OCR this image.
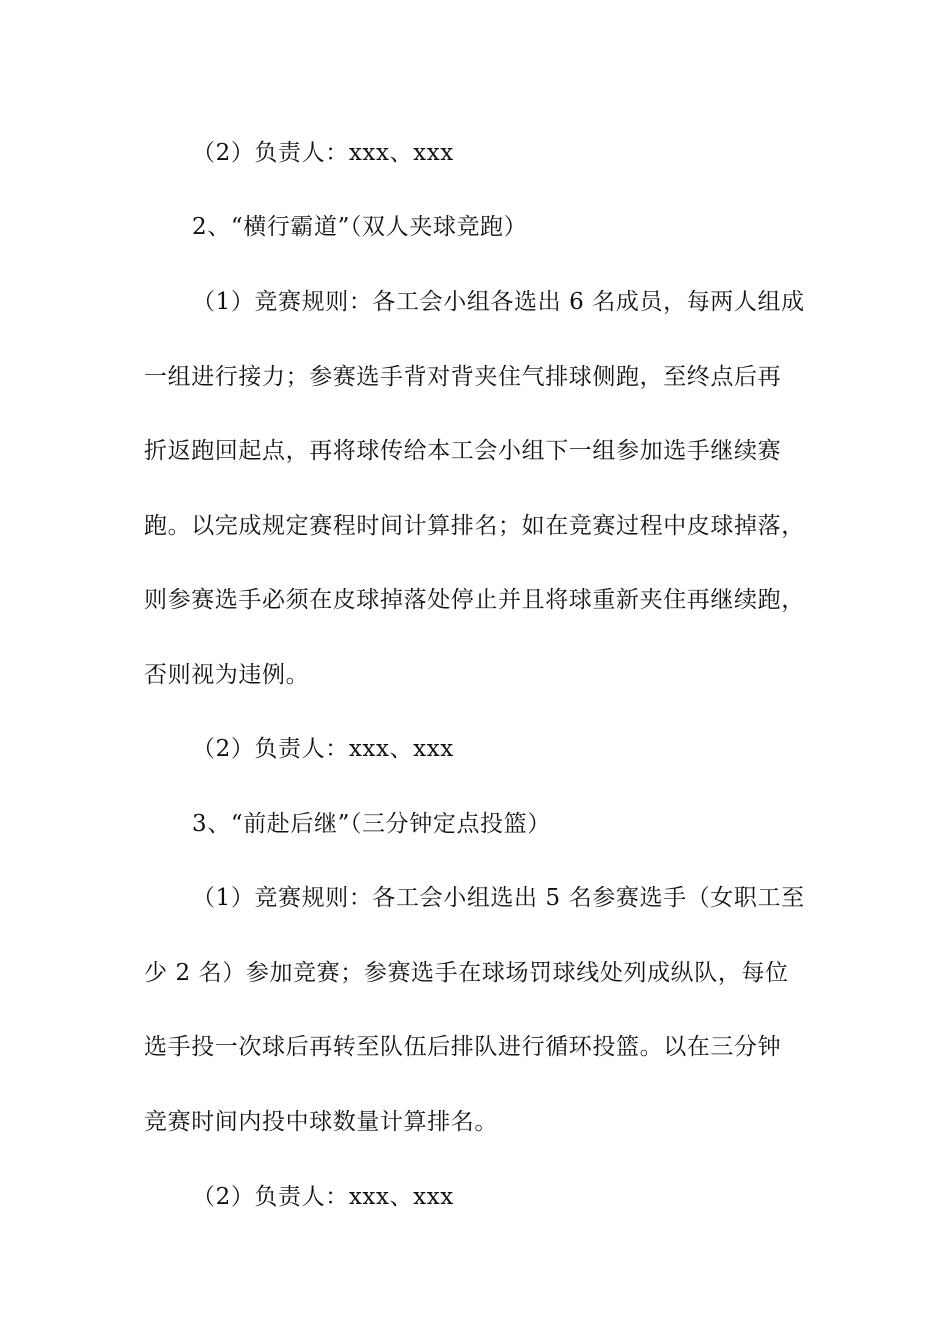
（2）负责人：xxx、xxx
2、“横行霸道”（双人夹球竞跑）
（1）竞赛规则：各工会小组各选出 6 名成员，每两人组成
一组进行接力；参赛选手背对背夹住气排球侧跑，至终点后再
折返跑回起点，再将球传给本工会小组下一组参加选手继续赛
跑。以完成规定赛程时间计算排名；如在竞赛过程中皮球掉落，
则参赛选手必须在皮球掉落处停止并且将球重新夹住再继续跑，
否则视为违例。
（2）负责人：xxx、xxx
3、“前赴后继”（三分钟定点投篮）
（1）竞赛规则：各工会小组选出 5 名参赛选手（女职工至
少 2 名）参加竞赛；参赛选手在球场罚球线处列成纵队，每位
选手投一次球后再转至队伍后排队进行循环投篮。以在三分钟
竞赛时间内投中球数量计算排名。
（2）负责人：xxx、xxx
